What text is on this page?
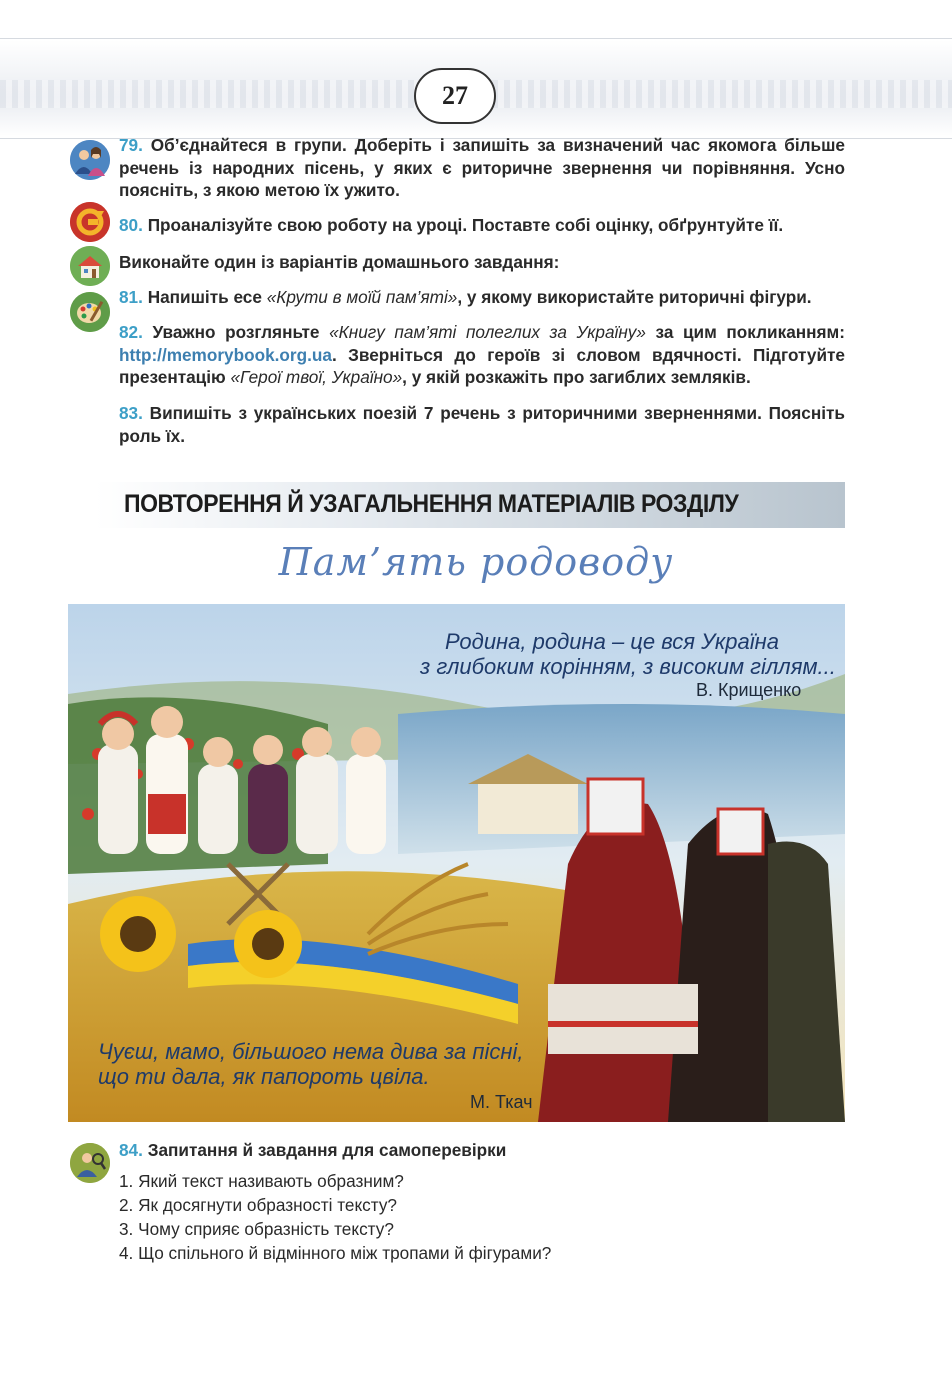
27
79. Об’єднайтеся в групи. Доберіть і запишіть за визначений час якомога більше речень із народних пісень, у яких є риторичне звернення чи порівняння. Усно поясніть, з якою метою їх ужито.
80. Проаналізуйте свою роботу на уроці. Поставте собі оцінку, обґрунтуйте її.
Виконайте один із варіантів домашнього завдання:
81. Напишіть есе «Крути в моїй пам’яті», у якому використайте риторичні фігури.
82. Уважно розгляньте «Книгу пам’яті полеглих за Україну» за цим покликанням: http://memorybook.org.ua. Зверніться до героїв зі словом вдячності. Підготуйте презентацію «Герої твої, Україно», у якій розкажіть про загиблих земляків.
83. Випишіть з українських поезій 7 речень з риторичними зверненнями. Поясніть роль їх.
ПОВТОРЕННЯ Й УЗАГАЛЬНЕННЯ МАТЕРІАЛІВ РОЗДІЛУ
Пам’ять родоводу
Родина, родина – це вся Україна
з глибоким корінням, з високим гіллям...
В. Крищенко
Чуєш, мамо, більшого нема дива за пісні,
що ти дала, як папороть цвіла.
М. Ткач
84. Запитання й завдання для самоперевірки
1. Який текст називають образним?
2. Як досягнути образності тексту?
3. Чому сприяє образність тексту?
4. Що спільного й відмінного між тропами й фігурами?
